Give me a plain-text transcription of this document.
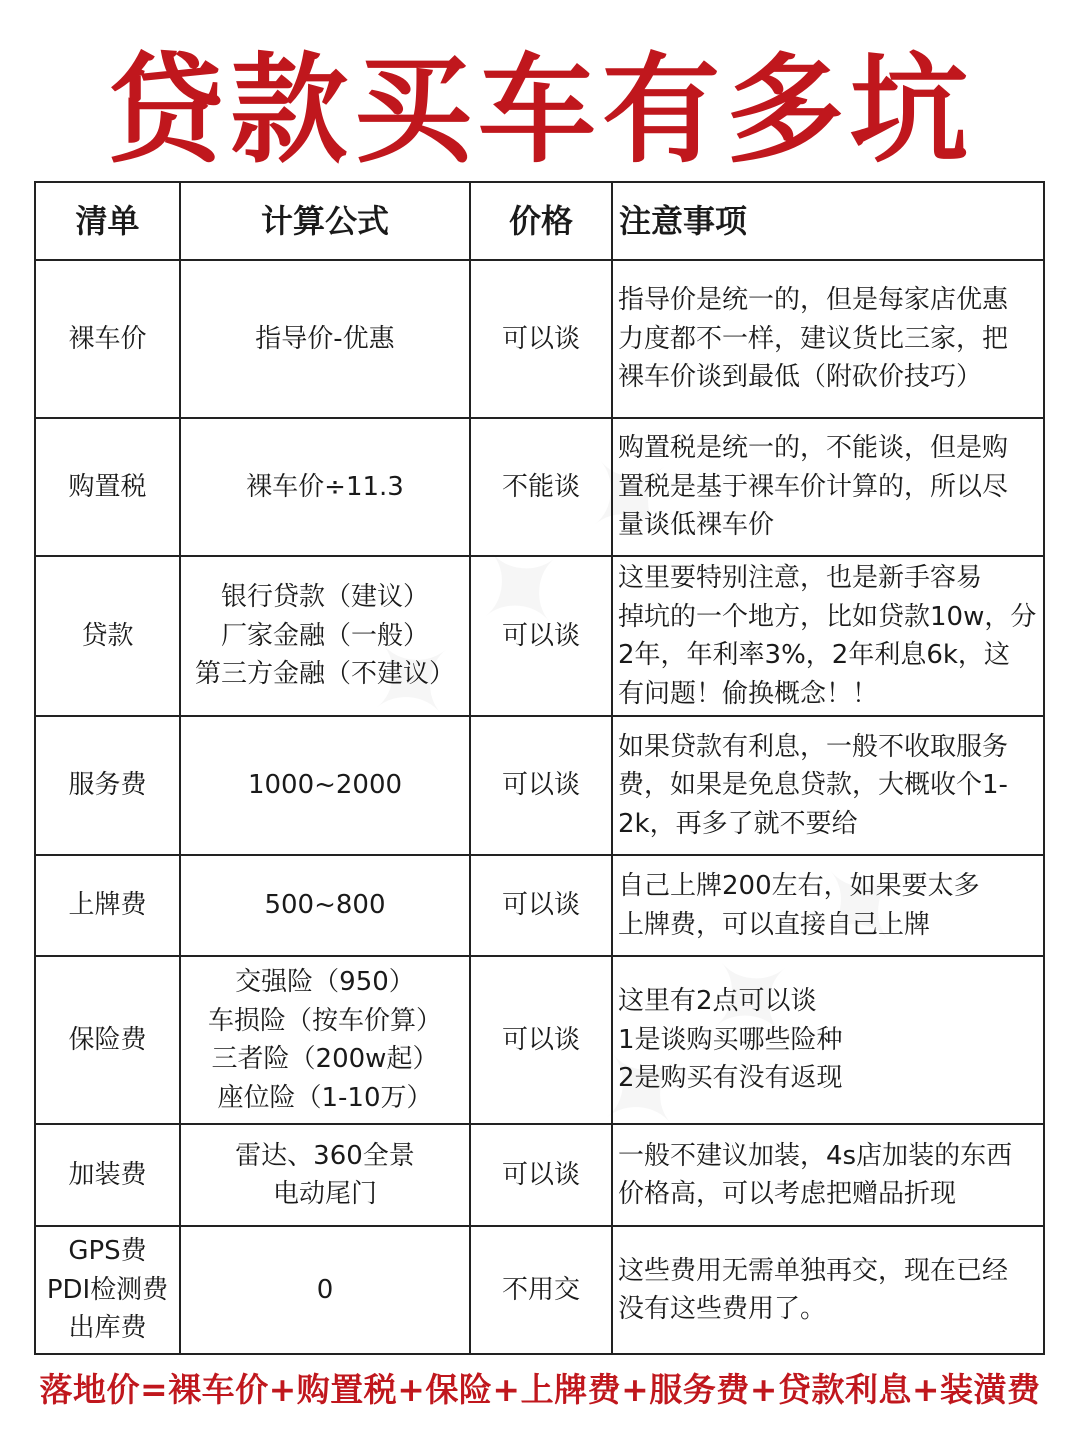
贷款买车有多坑
清单	计算公式	价格	注意事项

裸车价	指导价-优惠	可以谈	指导价是统一的，但是每家店优惠
力度都不一样，建议货比三家，把
裸车价谈到最低（附砍价技巧）

购置税	裸车价÷11.3	不能谈	购置税是统一的，不能谈，但是购
置税是基于裸车价计算的，所以尽
量谈低裸车价

贷款	银行贷款（建议）
厂家金融（一般）
第三方金融（不建议）	可以谈	这里要特别注意，也是新手容易
掉坑的一个地方，比如贷款10w，分
2年，年利率3%，2年利息6k，这
有问题！偷换概念！！

服务费	1000~2000	可以谈	如果贷款有利息，一般不收取服务
费，如果是免息贷款，大概收个1-
2k，再多了就不要给

上牌费	500~800	可以谈	自己上牌200左右，如果要太多
上牌费，可以直接自己上牌

保险费	交强险（950）
车损险（按车价算）
三者险（200w起）
座位险（1-10万）	可以谈	这里有2点可以谈
1是谈购买哪些险种
2是购买有没有返现

加装费	雷达、360全景
电动尾门	可以谈	一般不建议加装，4s店加装的东西
价格高，可以考虑把赠品折现

GPS费
PDI检测费
出库费	0	不用交	这些费用无需单独再交，现在已经
没有这些费用了。
落地价=裸车价+购置税+保险+上牌费+服务费+贷款利息+装潢费
